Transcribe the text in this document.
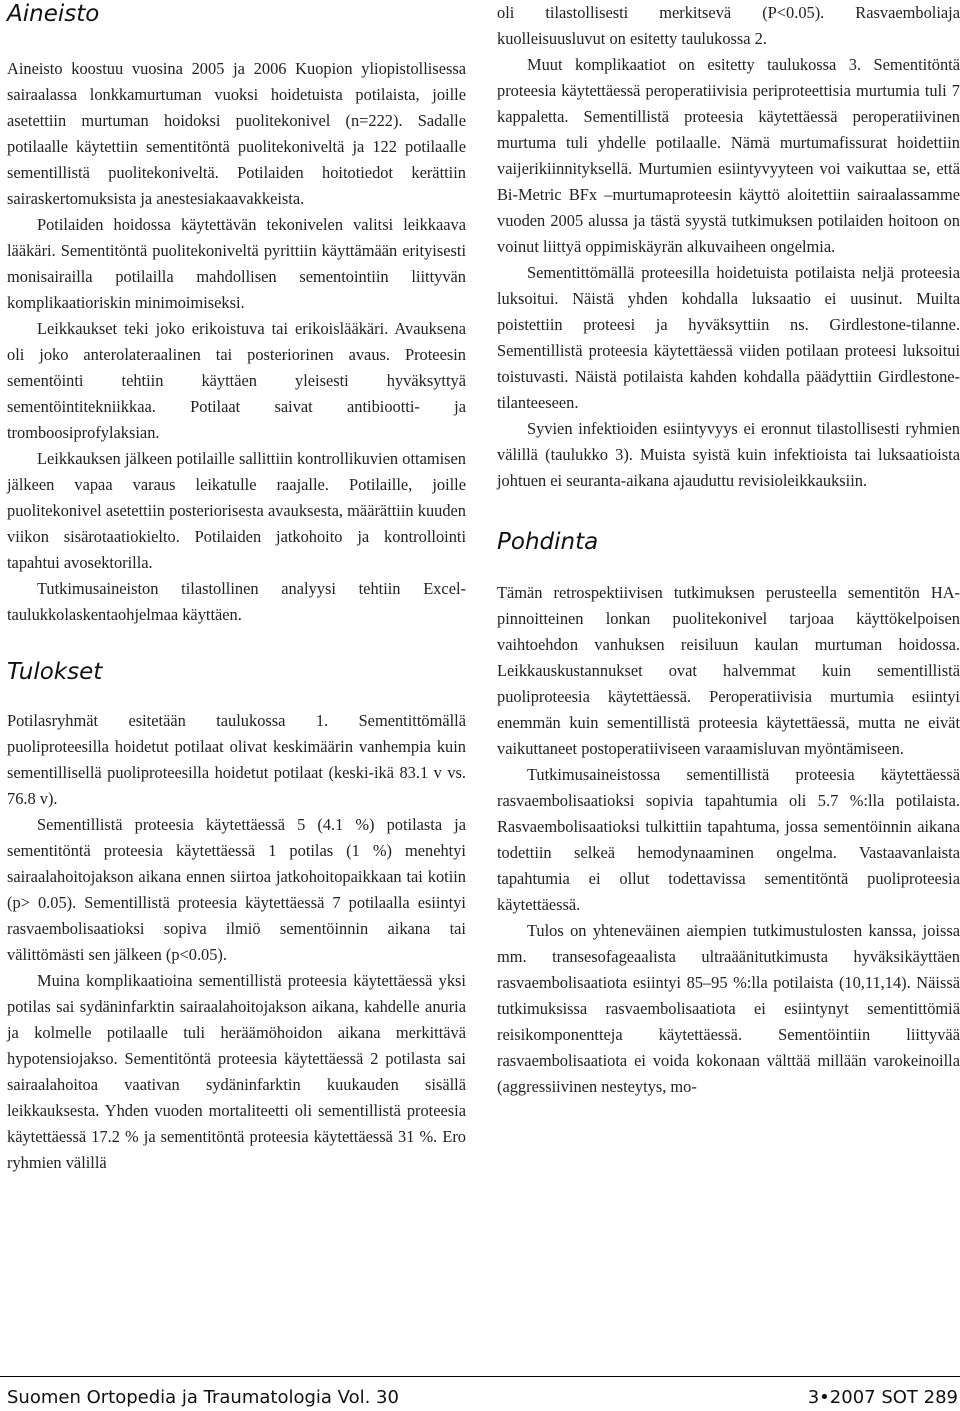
Aineisto

Aineisto koostuu vuosina 2005 ja 2006 Kuopion yliopistollisessa sairaalassa lonkkamurtuman vuoksi hoidetuista potilaista, joille asetettiin murtuman hoidoksi puolitekonivel (n=222). Sadalle potilaalle käytettiin sementitöntä puolitekoniveltä ja 122 potilaalle sementillistä puolitekoniveltä. Potilaiden hoitotiedot kerättiin sairaskertomuksista ja anestesiakaavakkeista.

Potilaiden hoidossa käytettävän tekonivelen valitsi leikkaava lääkäri. Sementitöntä puolitekoniveltä pyrittiin käyttämään erityisesti monisairailla potilailla mahdollisen sementointiin liittyvän komplikaatioriskin minimoimiseksi.

Leikkaukset teki joko erikoistuva tai erikoislääkäri. Avauksena oli joko anterolateraalinen tai posteriorinen avaus. Proteesin sementöinti tehtiin käyttäen yleisesti hyväksyttyä sementöintitekniikkaa. Potilaat saivat antibiootti- ja tromboosiprofylaksian.

Leikkauksen jälkeen potilaille sallittiin kontrollikuvien ottamisen jälkeen vapaa varaus leikatulle raajalle. Potilaille, joille puolitekonivel asetettiin posteriorisesta avauksesta, määrättiin kuuden viikon sisärotaatiokielto. Potilaiden jatkohoito ja kontrollointi tapahtui avosektorilla.

Tutkimusaineiston tilastollinen analyysi tehtiin Excel-taulukkolaskentaohjelmaa käyttäen.

Tulokset

Potilasryhmät esitetään taulukossa 1. Sementittömällä puoliproteesilla hoidetut potilaat olivat keskimäärin vanhempia kuin sementillisellä puoliproteesilla hoidetut potilaat (keski-ikä 83.1 v vs. 76.8 v).

Sementillistä proteesia käytettäessä 5 (4.1 %) potilasta ja sementitöntä proteesia käytettäessä 1 potilas (1 %) menehtyi sairaalahoitojakson aikana ennen siirtoa jatkohoitopaikkaan tai kotiin (p> 0.05). Sementillistä proteesia käytettäessä 7 potilaalla esiintyi rasvaembolisaatioksi sopiva ilmiö sementöinnin aikana tai välittömästi sen jälkeen (p<0.05).

Muina komplikaatioina sementillistä proteesia käytettäessä yksi potilas sai sydäninfarktin sairaalahoitojakson aikana, kahdelle anuria ja kolmelle potilaalle tuli heräämöhoidon aikana merkittävä hypotensiojakso. Sementitöntä proteesia käytettäessä 2 potilasta sai sairaalahoitoa vaativan sydäninfarktin kuukauden sisällä leikkauksesta. Yhden vuoden mortaliteetti oli sementillistä proteesia käytettäessä 17.2 % ja sementitöntä proteesia käytettäessä 31 %. Ero ryhmien välillä

oli tilastollisesti merkitsevä (P<0.05). Rasvaemboliaja kuolleisuusluvut on esitetty taulukossa 2.

Muut komplikaatiot on esitetty taulukossa 3. Sementitöntä proteesia käytettäessä peroperatiivisia periproteettisia murtumia tuli 7 kappaletta. Sementillistä proteesia käytettäessä peroperatiivinen murtuma tuli yhdelle potilaalle. Nämä murtumafissurat hoidettiin vaijerikiinnityksellä. Murtumien esiintyvyyteen voi vaikuttaa se, että Bi-Metric BFx –murtumaproteesin käyttö aloitettiin sairaalassamme vuoden 2005 alussa ja tästä syystä tutkimuksen potilaiden hoitoon on voinut liittyä oppimiskäyrän alkuvaiheen ongelmia.

Sementittömällä proteesilla hoidetuista potilaista neljä proteesia luksoitui. Näistä yhden kohdalla luksaatio ei uusinut. Muilta poistettiin proteesi ja hyväksyttiin ns. Girdlestone-tilanne. Sementillistä proteesia käytettäessä viiden potilaan proteesi luksoitui toistuvasti. Näistä potilaista kahden kohdalla päädyttiin Girdlestone-tilanteeseen.

Syvien infektioiden esiintyvyys ei eronnut tilastollisesti ryhmien välillä (taulukko 3). Muista syistä kuin infektioista tai luksaatioista johtuen ei seuranta-aikana ajauduttu revisioleikkauksiin.

Pohdinta

Tämän retrospektiivisen tutkimuksen perusteella sementitön HA-pinnoitteinen lonkan puolitekonivel tarjoaa käyttökelpoisen vaihtoehdon vanhuksen reisiluun kaulan murtuman hoidossa. Leikkauskustannukset ovat halvemmat kuin sementillistä puoliproteesia käytettäessä. Peroperatiivisia murtumia esiintyi enemmän kuin sementillistä proteesia käytettäessä, mutta ne eivät vaikuttaneet postoperatiiviseen varaamisluvan myöntämiseen.

Tutkimusaineistossa sementillistä proteesia käytettäessä rasvaembolisaatioksi sopivia tapahtumia oli 5.7 %:lla potilaista. Rasvaembolisaatioksi tulkittiin tapahtuma, jossa sementöinnin aikana todettiin selkeä hemodynaaminen ongelma. Vastaavanlaista tapahtumia ei ollut todettavissa sementitöntä puoliproteesia käytettäessä.

Tulos on yhteneväinen aiempien tutkimustulosten kanssa, joissa mm. transesofageaalista ultraäänitutkimusta hyväksikäyttäen rasvaembolisaatiota esiintyi 85–95 %:lla potilaista (10,11,14). Näissä tutkimuksissa rasvaembolisaatiota ei esiintynyt sementittömiä reisikomponentteja käytettäessä. Sementöintiin liittyvää rasvaembolisaatiota ei voida kokonaan välttää millään varokeinoilla (aggressiivinen nesteytys, mo-

Suomen Ortopedia ja Traumatologia Vol. 30	3•2007 SOT 289
